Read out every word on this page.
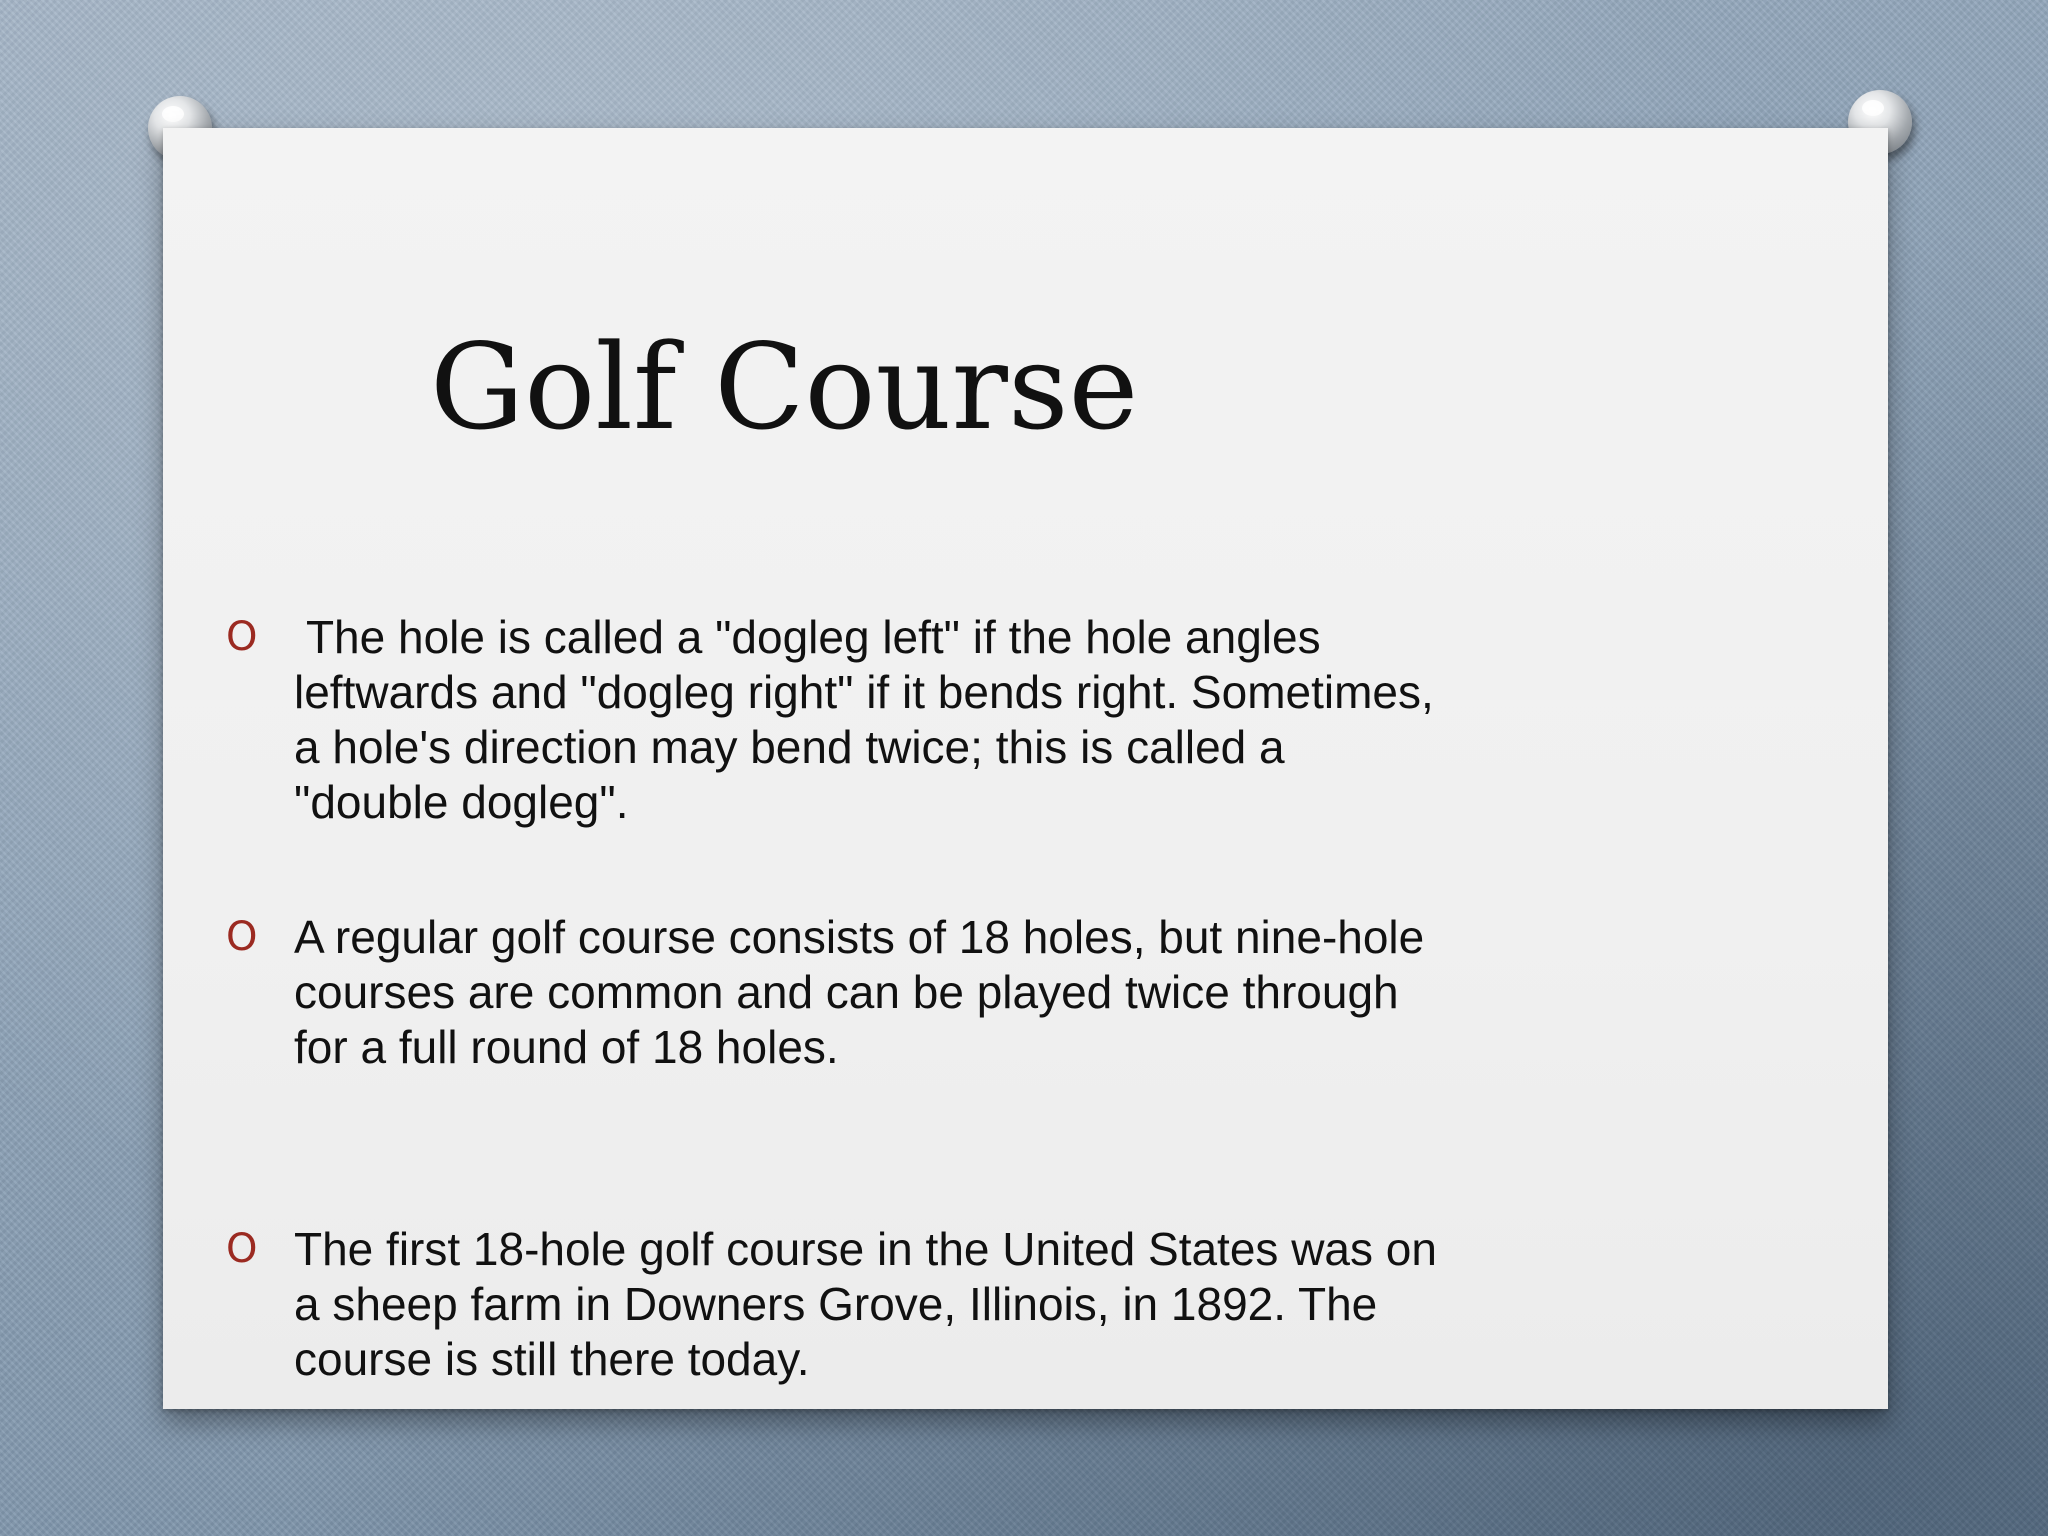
Golf Course
O	The hole is called a "dogleg left" if the hole angles
leftwards and "dogleg right" if it bends right. Sometimes,
a hole's direction may bend twice; this is called a
"double dogleg".
O A regular golf course consists of 18 holes, but nine-hole
courses are common and can be played twice through
for a full round of 18 holes.
O The first 18-hole golf course in the United States was on
a sheep farm in Downers Grove, Illinois, in 1892. The
course is still there today.
